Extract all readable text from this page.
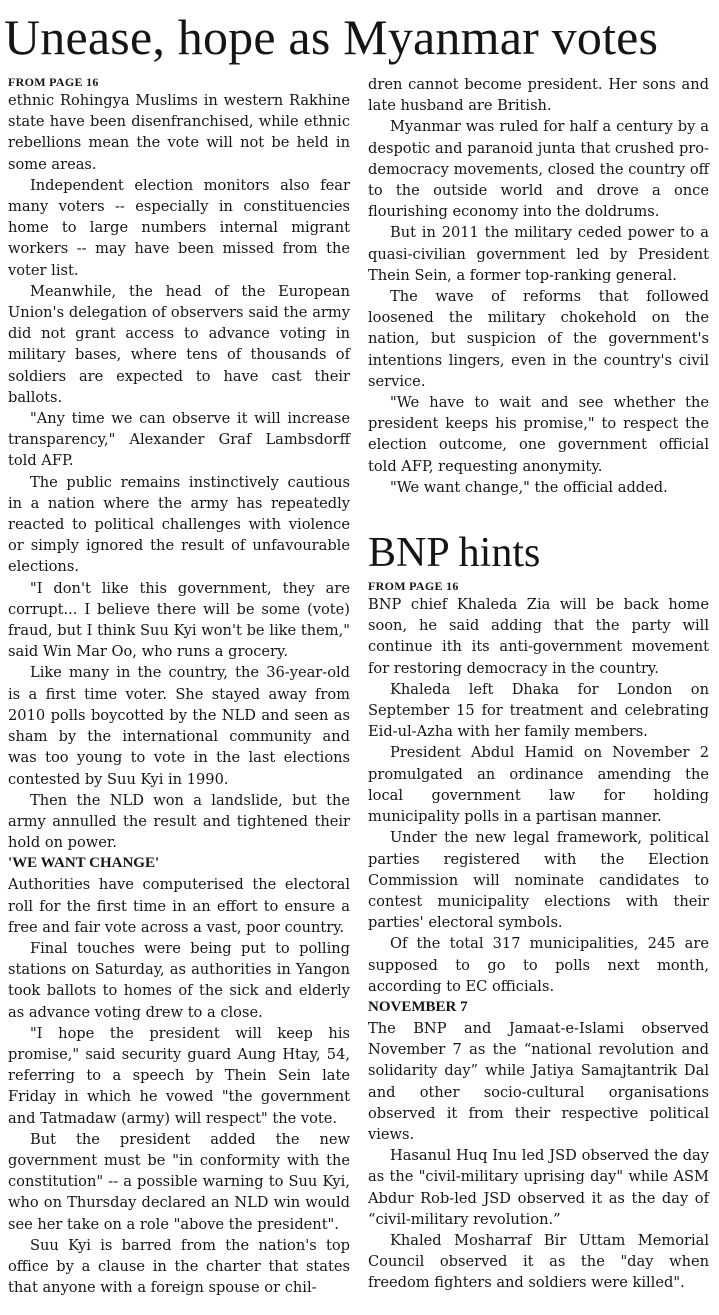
Unease, hope as Myanmar votes
FROM PAGE 16

ethnic Rohingya Muslims in western Rakhine state have been disenfranchised, while ethnic rebellions mean the vote will not be held in some areas.

Independent election monitors also fear many voters -- especially in constituencies home to large numbers internal migrant workers -- may have been missed from the voter list.

Meanwhile, the head of the European Union's delegation of observers said the army did not grant access to advance voting in military bases, where tens of thousands of soldiers are expected to have cast their ballots.

"Any time we can observe it will increase transparency," Alexander Graf Lambsdorff told AFP.

The public remains instinctively cautious in a nation where the army has repeatedly reacted to political challenges with violence or simply ignored the result of unfavourable elections.

"I don't like this government, they are corrupt... I believe there will be some (vote) fraud, but I think Suu Kyi won't be like them," said Win Mar Oo, who runs a grocery.

Like many in the country, the 36-year-old is a first time voter. She stayed away from 2010 polls boycotted by the NLD and seen as sham by the international community and was too young to vote in the last elections contested by Suu Kyi in 1990.

Then the NLD won a landslide, but the army annulled the result and tightened their hold on power.

'WE WANT CHANGE'

Authorities have computerised the electoral roll for the first time in an effort to ensure a free and fair vote across a vast, poor country.

Final touches were being put to polling stations on Saturday, as authorities in Yangon took ballots to homes of the sick and elderly as advance voting drew to a close.

"I hope the president will keep his promise," said security guard Aung Htay, 54, referring to a speech by Thein Sein late Friday in which he vowed "the government and Tatmadaw (army) will respect" the vote.

But the president added the new government must be "in conformity with the constitution" -- a possible warning to Suu Kyi, who on Thursday declared an NLD win would see her take on a role "above the president".

Suu Kyi is barred from the nation's top office by a clause in the charter that states that anyone with a foreign spouse or chil-

dren cannot become president. Her sons and late husband are British.

Myanmar was ruled for half a century by a despotic and paranoid junta that crushed pro-democracy movements, closed the country off to the outside world and drove a once flourishing economy into the doldrums.

But in 2011 the military ceded power to a quasi-civilian government led by President Thein Sein, a former top-ranking general.

The wave of reforms that followed loosened the military chokehold on the nation, but suspicion of the government's intentions lingers, even in the country's civil service.

"We have to wait and see whether the president keeps his promise," to respect the election outcome, one government official told AFP, requesting anonymity.

"We want change," the official added.

BNP hints
FROM PAGE 16

BNP chief Khaleda Zia will be back home soon, he said adding that the party will continue ith its anti-government movement for restoring democracy in the country.

Khaleda left Dhaka for London on September 15 for treatment and celebrating Eid-ul-Azha with her family members.

President Abdul Hamid on November 2 promulgated an ordinance amending the local government law for holding municipality polls in a partisan manner.

Under the new legal framework, political parties registered with the Election Commission will nominate candidates to contest municipality elections with their parties' electoral symbols.

Of the total 317 municipalities, 245 are supposed to go to polls next month, according to EC officials.

NOVEMBER 7

The BNP and Jamaat-e-Islami observed November 7 as the “national revolution and solidarity day” while Jatiya Samajtantrik Dal and other socio-cultural organisations observed it from their respective political views.

Hasanul Huq Inu led JSD observed the day as the "civil-military uprising day" while ASM Abdur Rob-led JSD observed it as the day of “civil-military revolution.”

Khaled Mosharraf Bir Uttam Memorial Council observed it as the "day when freedom fighters and soldiers were killed".
